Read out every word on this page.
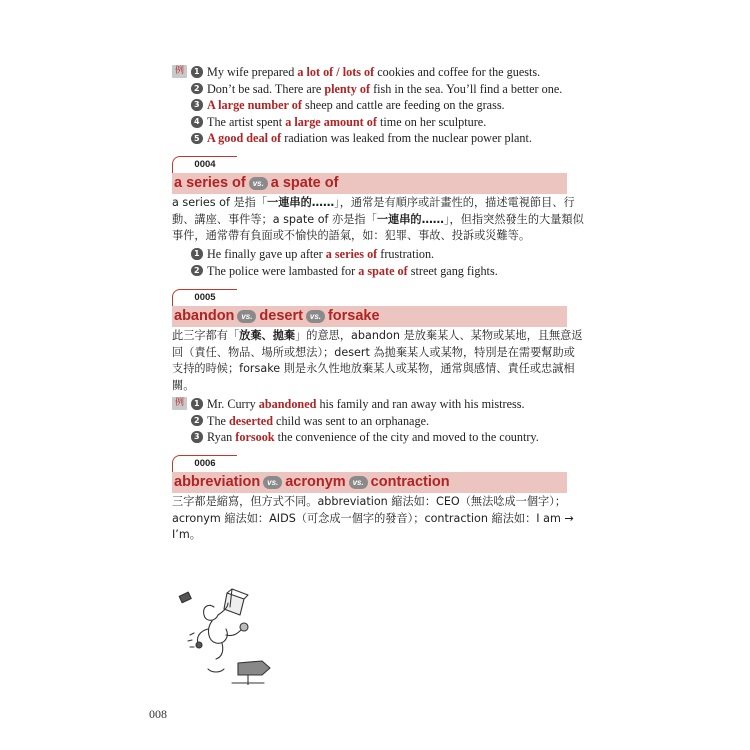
例	1 My wife prepared a lot of / lots of cookies and coffee for the guests.
2 Don’t be sad. There are plenty of fish in the sea. You’ll find a better one.
3 A large number of sheep and cattle are feeding on the grass.
4 The artist spent a large amount of time on her sculpture.
5 A good deal of radiation was leaked from the nuclear power plant.
0004
a series of vs. a spate of
a series of 是指「一連串的……」，通常是有順序或計畫性的，描述電視節目、行
動、講座、事件等；a spate of 亦是指「一連串的……」，但指突然發生的大量類似
事件，通常帶有負面或不愉快的語氣，如：犯罪、事故、投訴或災難等。
1 He finally gave up after a series of frustration.
2 The police were lambasted for a spate of street gang fights.
0005
abandon vs. desert vs. forsake
此三字都有「放棄、拋棄」的意思，abandon 是放棄某人、某物或某地，且無意返
回（責任、物品、場所或想法）；desert 為拋棄某人或某物，特別是在需要幫助或
支持的時候；forsake 則是永久性地放棄某人或某物，通常與感情、責任或忠誠相
關。
例	1 Mr. Curry abandoned his family and ran away with his mistress.
2 The deserted child was sent to an orphanage.
3 Ryan forsook the convenience of the city and moved to the country.
0006
abbreviation vs. acronym vs. contraction
三字都是縮寫，但方式不同。abbreviation 縮法如：CEO（無法唸成一個字）；
acronym 縮法如：AIDS（可念成一個字的發音）；contraction 縮法如：I am →
I’m。
008
